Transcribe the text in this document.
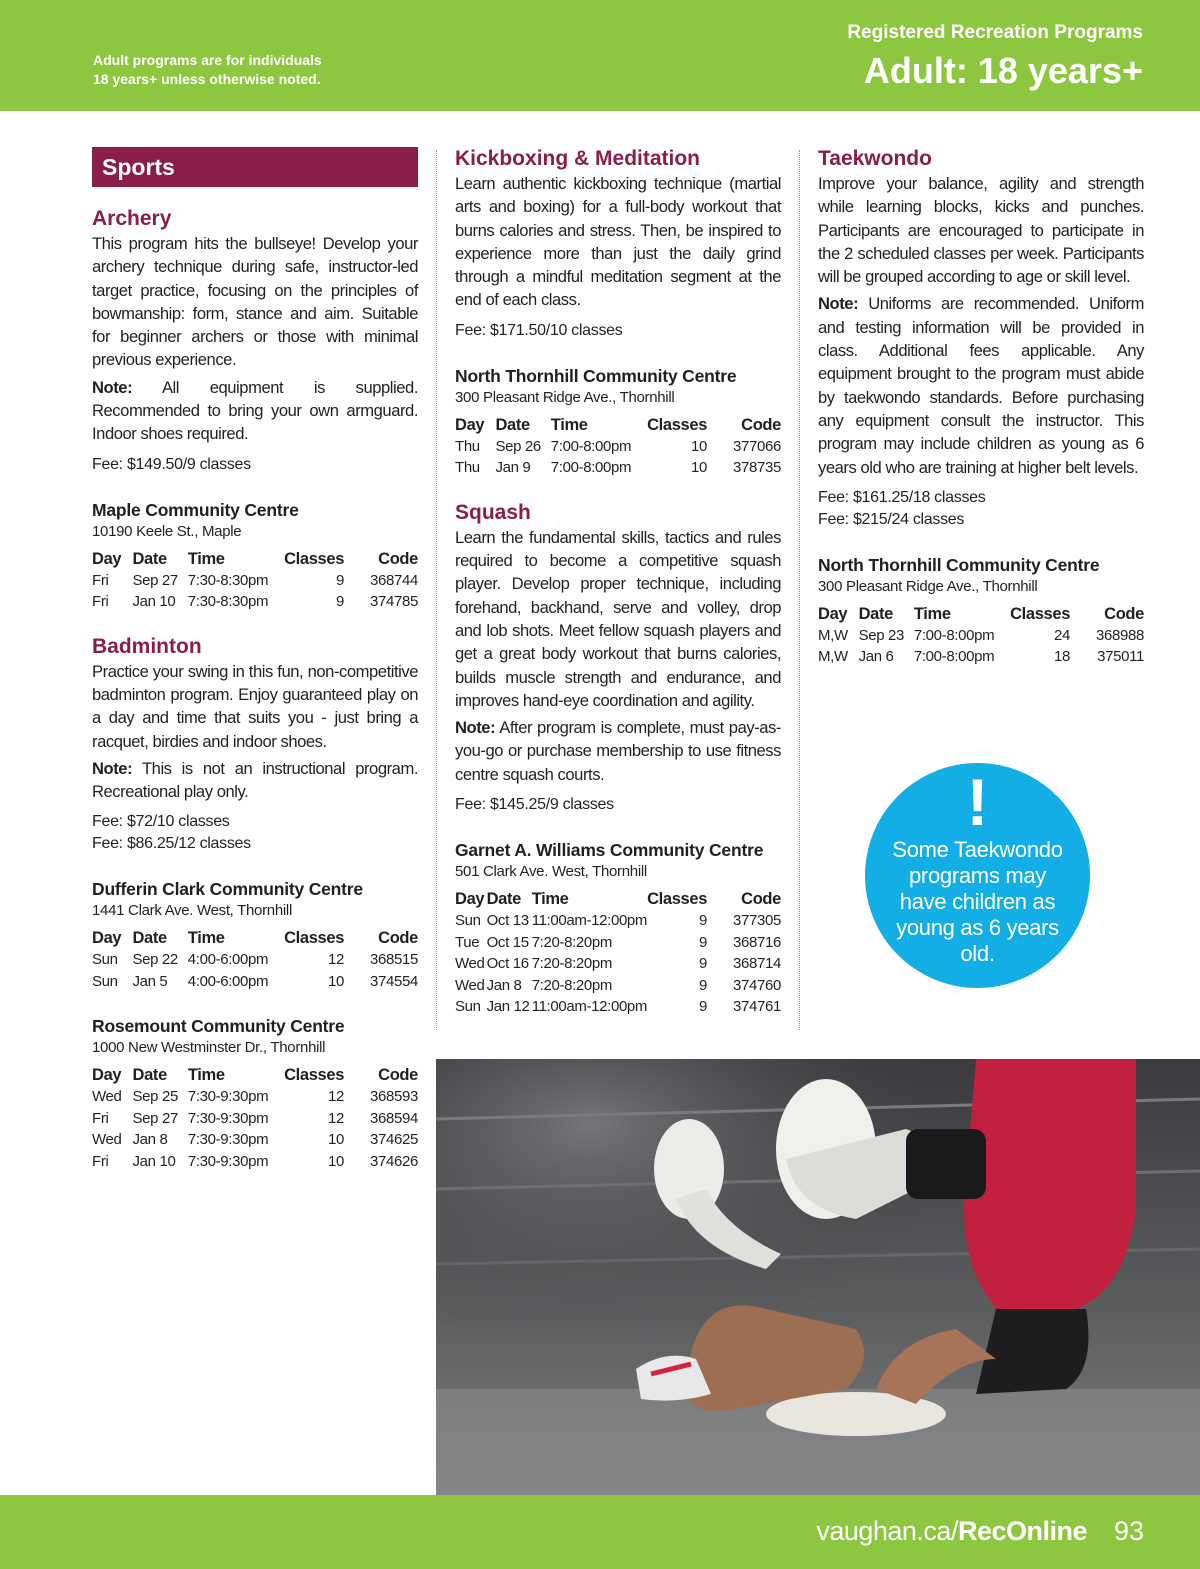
Adult programs are for individuals
18 years+ unless otherwise noted.
Registered Recreation Programs
Adult: 18 years+
Sports
Archery
This program hits the bullseye! Develop your archery technique during safe, instructor-led target practice, focusing on the principles of bowmanship: form, stance and aim. Suitable for beginner archers or those with minimal previous experience.
Note: All equipment is supplied. Recommended to bring your own armguard. Indoor shoes required.
Fee: $149.50/9 classes
Maple Community Centre
10190 Keele St., Maple
Day	Date	Time	Classes	Code
Fri	Sep 27	7:30-8:30pm	9	368744
Fri	Jan 10	7:30-8:30pm	9	374785
Badminton
Practice your swing in this fun, non-competitive badminton program. Enjoy guaranteed play on a day and time that suits you - just bring a racquet, birdies and indoor shoes.
Note: This is not an instructional program. Recreational play only.
Fee: $72/10 classes
Fee: $86.25/12 classes
Dufferin Clark Community Centre
1441 Clark Ave. West, Thornhill
Day	Date	Time	Classes	Code
Sun	Sep 22	4:00-6:00pm	12	368515
Sun	Jan 5	4:00-6:00pm	10	374554
Rosemount Community Centre
1000 New Westminster Dr., Thornhill
Day	Date	Time	Classes	Code
Wed	Sep 25	7:30-9:30pm	12	368593
Fri	Sep 27	7:30-9:30pm	12	368594
Wed	Jan 8	7:30-9:30pm	10	374625
Fri	Jan 10	7:30-9:30pm	10	374626
Kickboxing & Meditation
Learn authentic kickboxing technique (martial arts and boxing) for a full-body workout that burns calories and stress. Then, be inspired to experience more than just the daily grind through a mindful meditation segment at the end of each class.
Fee: $171.50/10 classes
North Thornhill Community Centre
300 Pleasant Ridge Ave., Thornhill
Day	Date	Time	Classes	Code
Thu	Sep 26	7:00-8:00pm	10	377066
Thu	Jan 9	7:00-8:00pm	10	378735
Squash
Learn the fundamental skills, tactics and rules required to become a competitive squash player. Develop proper technique, including forehand, backhand, serve and volley, drop and lob shots. Meet fellow squash players and get a great body workout that burns calories, builds muscle strength and endurance, and improves hand-eye coordination and agility.
Note: After program is complete, must pay-as-you-go or purchase membership to use fitness centre squash courts.
Fee: $145.25/9 classes
Garnet A. Williams Community Centre
501 Clark Ave. West, Thornhill
Day	Date	Time	Classes	Code
Sun	Oct 13	11:00am-12:00pm	9	377305
Tue	Oct 15	7:20-8:20pm	9	368716
Wed	Oct 16	7:20-8:20pm	9	368714
Wed	Jan 8	7:20-8:20pm	9	374760
Sun	Jan 12	11:00am-12:00pm	9	374761
Taekwondo
Improve your balance, agility and strength while learning blocks, kicks and punches. Participants are encouraged to participate in the 2 scheduled classes per week. Participants will be grouped according to age or skill level.
Note: Uniforms are recommended. Uniform and testing information will be provided in class. Additional fees applicable. Any equipment brought to the program must abide by taekwondo standards. Before purchasing any equipment consult the instructor. This program may include children as young as 6 years old who are training at higher belt levels.
Fee: $161.25/18 classes
Fee: $215/24 classes
North Thornhill Community Centre
300 Pleasant Ridge Ave., Thornhill
Day	Date	Time	Classes	Code
M,W	Sep 23	7:00-8:00pm	24	368988
M,W	Jan 6	7:00-8:00pm	18	375011
!
Some Taekwondo programs may have children as young as 6 years old.
vaughan.ca/RecOnline 93
